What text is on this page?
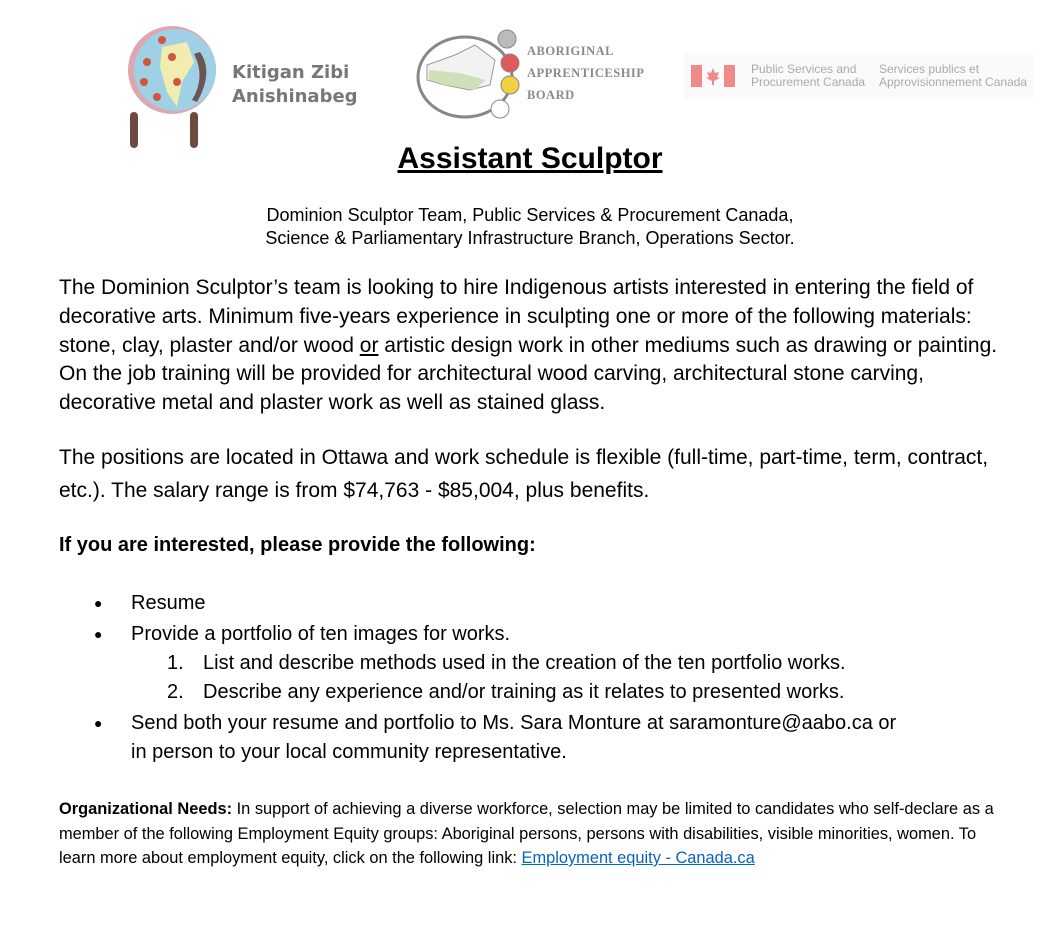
Kitigan Zibi
Anishinabeg
ABORIGINAL
APPRENTICESHIP
BOARD
Public Services and
Procurement Canada
Services publics et
Approvisionnement Canada
Assistant Sculptor
Dominion Sculptor Team, Public Services & Procurement Canada,
Science & Parliamentary Infrastructure Branch, Operations Sector.
The Dominion Sculptor’s team is looking to hire Indigenous artists interested in entering the field of decorative arts. Minimum five-years experience in sculpting one or more of the following materials: stone, clay, plaster and/or wood or artistic design work in other mediums such as drawing or painting. On the job training will be provided for architectural wood carving, architectural stone carving, decorative metal and plaster work as well as stained glass.
The positions are located in Ottawa and work schedule is flexible (full-time, part-time, term, contract, etc.). The salary range is from $74,763 - $85,004, plus benefits.
If you are interested, please provide the following:
● Resume
● Provide a portfolio of ten images for works.
1. List and describe methods used in the creation of the ten portfolio works.
2. Describe any experience and/or training as it relates to presented works.
● Send both your resume and portfolio to Ms. Sara Monture at saramonture@aabo.ca or
in person to your local community representative.
Organizational Needs: In support of achieving a diverse workforce, selection may be limited to candidates who self-declare as a member of the following Employment Equity groups: Aboriginal persons, persons with disabilities, visible minorities, women. To learn more about employment equity, click on the following link: Employment equity - Canada.ca
